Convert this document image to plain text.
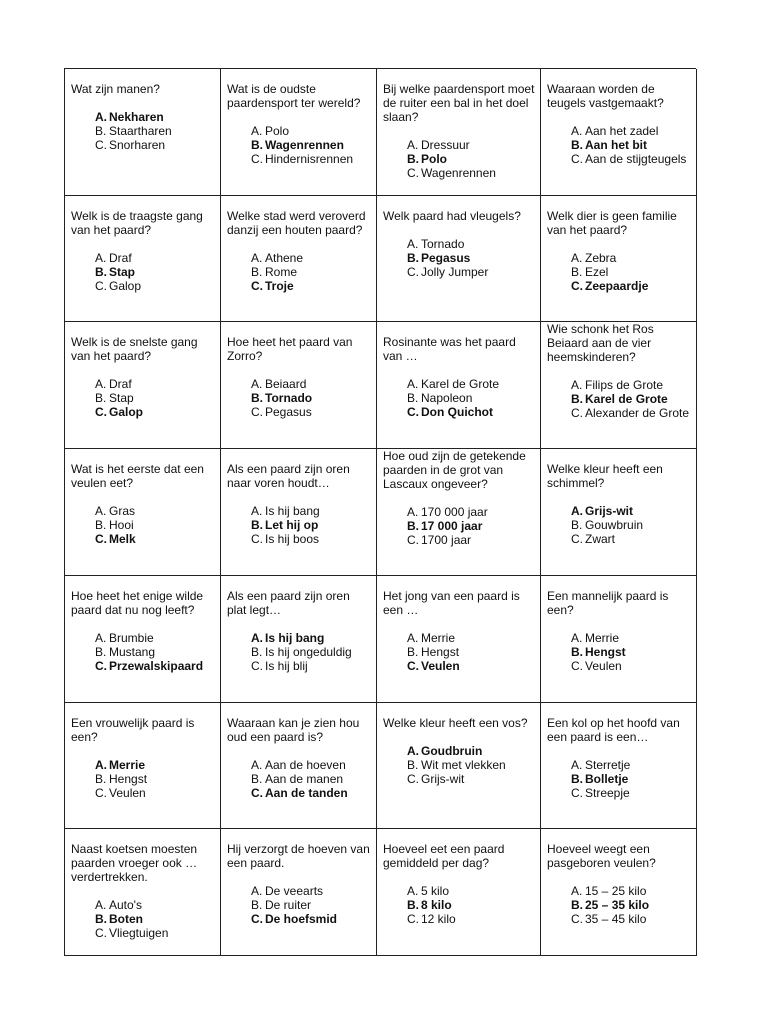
Wat zijn manen?
A. Nekharen
B. Staartharen
C. Snorharen
Wat is de oudste paardensport ter wereld?
A. Polo
B. Wagenrennen
C. Hindernisrennen
Bij welke paardensport moet de ruiter een bal in het doel slaan?
A. Dressuur
B. Polo
C. Wagenrennen
Waaraan worden de teugels vastgemaakt?
A. Aan het zadel
B. Aan het bit
C. Aan de stijgteugels
Welk is de traagste gang van het paard?
A. Draf
B. Stap
C. Galop
Welke stad werd veroverd danzij een houten paard?
A. Athene
B. Rome
C. Troje
Welk paard had vleugels?
A. Tornado
B. Pegasus
C. Jolly Jumper
Welk dier is geen familie van het paard?
A. Zebra
B. Ezel
C. Zeepaardje
Welk is de snelste gang van het paard?
A. Draf
B. Stap
C. Galop
Hoe heet het paard van Zorro?
A. Beiaard
B. Tornado
C. Pegasus
Rosinante was het paard van …
A. Karel de Grote
B. Napoleon
C. Don Quichot
Wie schonk het Ros Beiaard aan de vier heemskinderen?
A. Filips de Grote
B. Karel de Grote
C. Alexander de Grote
Wat is het eerste dat een veulen eet?
A. Gras
B. Hooi
C. Melk
Als een paard zijn oren naar voren houdt…
A. Is hij bang
B. Let hij op
C. Is hij boos
Hoe oud zijn de getekende paarden in de grot van Lascaux ongeveer?
A. 170 000 jaar
B. 17 000 jaar
C. 1700 jaar
Welke kleur heeft een schimmel?
A. Grijs-wit
B. Gouwbruin
C. Zwart
Hoe heet het enige wilde paard dat nu nog leeft?
A. Brumbie
B. Mustang
C. Przewalskipaard
Als een paard zijn oren plat legt…
A. Is hij bang
B. Is hij ongeduldig
C. Is hij blij
Het jong van een paard is een …
A. Merrie
B. Hengst
C. Veulen
Een mannelijk paard is een?
A. Merrie
B. Hengst
C. Veulen
Een vrouwelijk paard is een?
A. Merrie
B. Hengst
C. Veulen
Waaraan kan je zien hou oud een paard is?
A. Aan de hoeven
B. Aan de manen
C. Aan de tanden
Welke kleur heeft een vos?
A. Goudbruin
B. Wit met vlekken
C. Grijs-wit
Een kol op het hoofd van een paard is een…
A. Sterretje
B. Bolletje
C. Streepje
Naast koetsen moesten paarden vroeger ook … verdertrekken.
A. Auto's
B. Boten
C. Vliegtuigen
Hij verzorgt de hoeven van een paard.
A. De veearts
B. De ruiter
C. De hoefsmid
Hoeveel eet een paard gemiddeld per dag?
A. 5 kilo
B. 8 kilo
C. 12 kilo
Hoeveel weegt een pasgeboren veulen?
A. 15 – 25 kilo
B. 25 – 35 kilo
C. 35 – 45 kilo
